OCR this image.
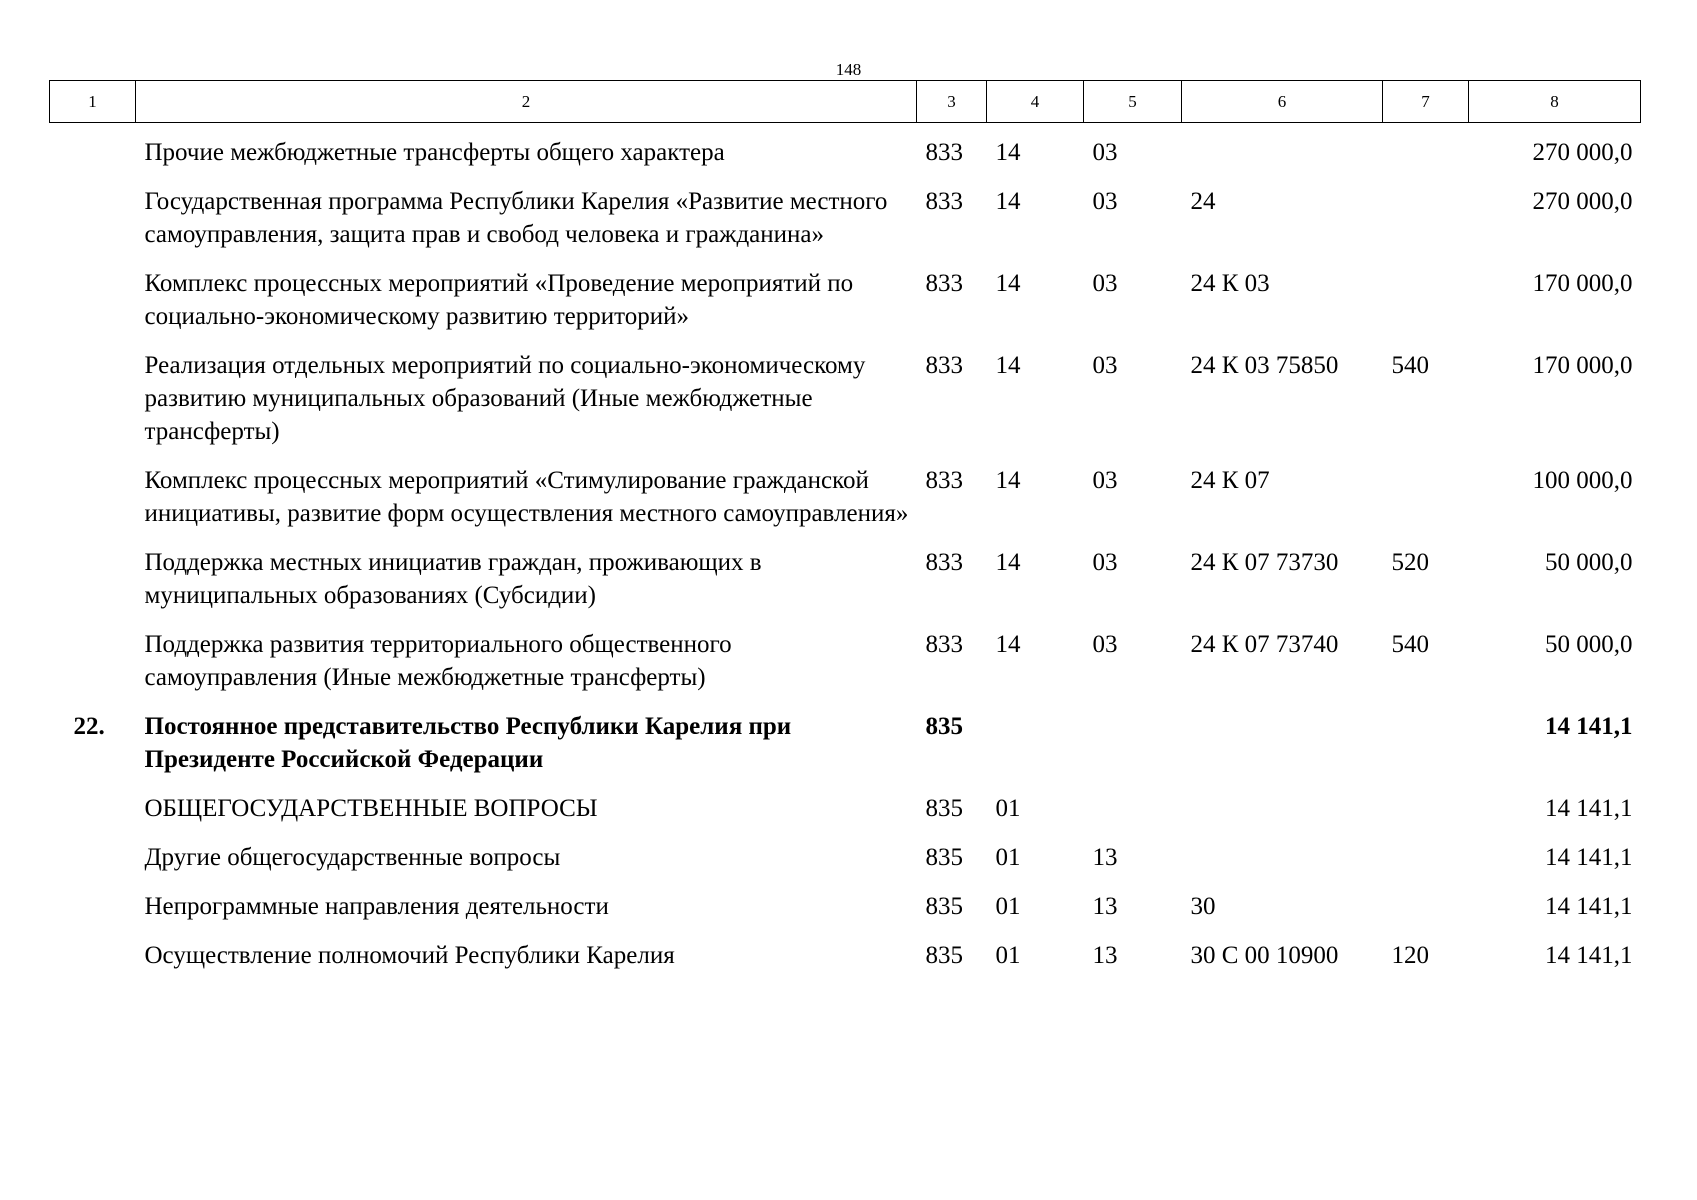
148
1	2	3	4	5	6	7	8
	Прочие межбюджетные трансферты общего характера	833	14	03			270 000,0
	Государственная программа Республики Карелия «Развитие местного самоуправления, защита прав и свобод человека и гражданина»	833	14	03	24		270 000,0
	Комплекс процессных мероприятий «Проведение мероприятий по социально-экономическому развитию территорий»	833	14	03	24 К 03		170 000,0
	Реализация отдельных мероприятий по социально-экономическому развитию муниципальных образований (Иные межбюджетные трансферты)	833	14	03	24 К 03 75850	540	170 000,0
	Комплекс процессных мероприятий «Стимулирование гражданской инициативы, развитие форм осуществления местного самоуправления»	833	14	03	24 К 07		100 000,0
	Поддержка местных инициатив граждан, проживающих в муниципальных образованиях (Субсидии)	833	14	03	24 К 07 73730	520	50 000,0
	Поддержка развития территориального общественного самоуправления (Иные межбюджетные трансферты)	833	14	03	24 К 07 73740	540	50 000,0
22.	Постоянное представительство Республики Карелия при Президенте Российской Федерации	835					14 141,1
	ОБЩЕГОСУДАРСТВЕННЫЕ ВОПРОСЫ	835	01				14 141,1
	Другие общегосударственные вопросы	835	01	13			14 141,1
	Непрограммные направления деятельности	835	01	13	30		14 141,1
	Осуществление полномочий Республики Карелия	835	01	13	30 С 00 10900	120	14 141,1
